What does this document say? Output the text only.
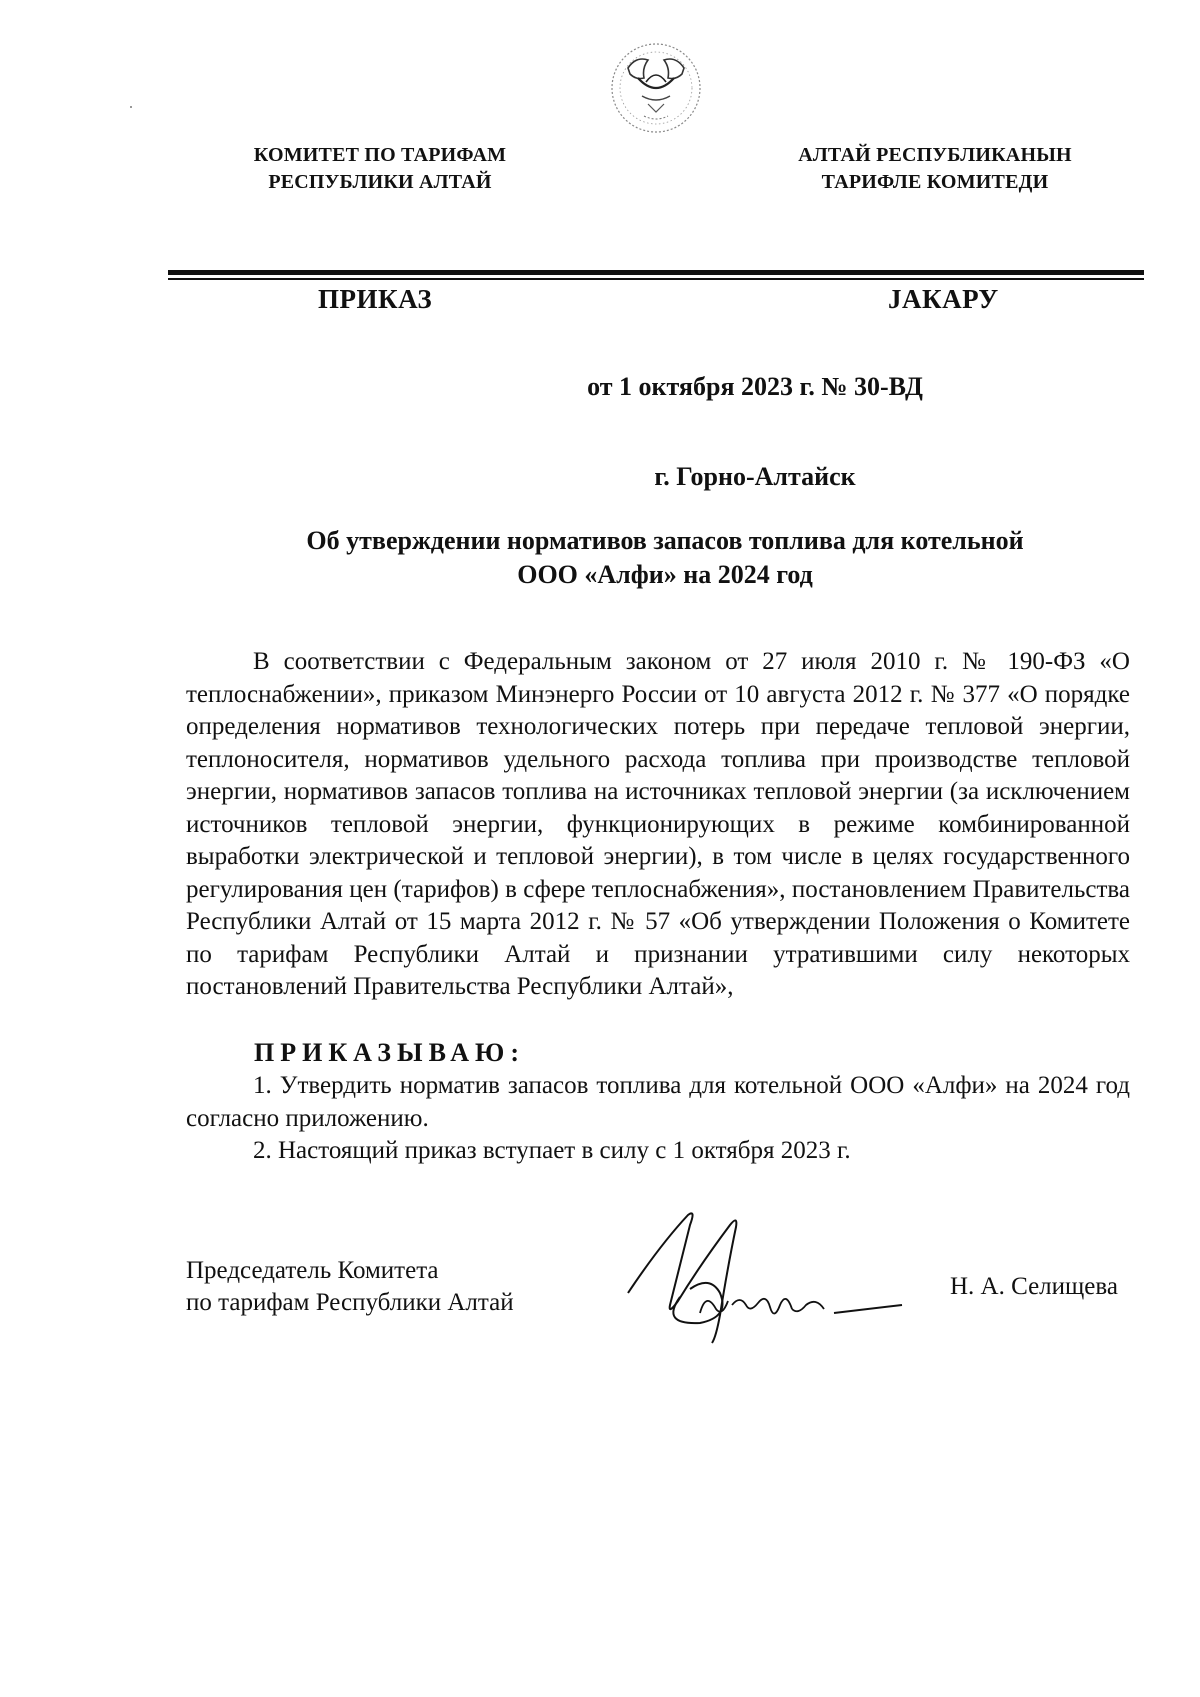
КОМИТЕТ ПО ТАРИФАМ
РЕСПУБЛИКИ АЛТАЙ
АЛТАЙ РЕСПУБЛИКАНЫН
ТАРИФЛЕ КОМИТЕДИ
ПРИКАЗ	JАКАРУ
от 1 октября 2023 г. № 30-ВД
г. Горно-Алтайск
Об утверждении нормативов запасов топлива для котельной
ООО «Алфи» на 2024 год

В соответствии с Федеральным законом от 27 июля 2010 г. № 190-ФЗ «О теплоснабжении», приказом Минэнерго России от 10 августа 2012 г. № 377 «О порядке определения нормативов технологических потерь при передаче тепловой энергии, теплоносителя, нормативов удельного расхода топлива при производстве тепловой энергии, нормативов запасов топлива на источниках тепловой энергии (за исключением источников тепловой энергии, функционирующих в режиме комбинированной выработки электрической и тепловой энергии), в том числе в целях государственного регулирования цен (тарифов) в сфере теплоснабжения», постановлением Правительства Республики Алтай от 15 марта 2012 г. № 57 «Об утверждении Положения о Комитете по тарифам Республики Алтай и признании утратившими силу некоторых постановлений Правительства Республики Алтай»,

ПРИКАЗЫВАЮ:

1. Утвердить норматив запасов топлива для котельной ООО «Алфи» на 2024 год согласно приложению.

2. Настоящий приказ вступает в силу с 1 октября 2023 г.

Председатель Комитета
по тарифам Республики Алтай
Н. А. Селищева
